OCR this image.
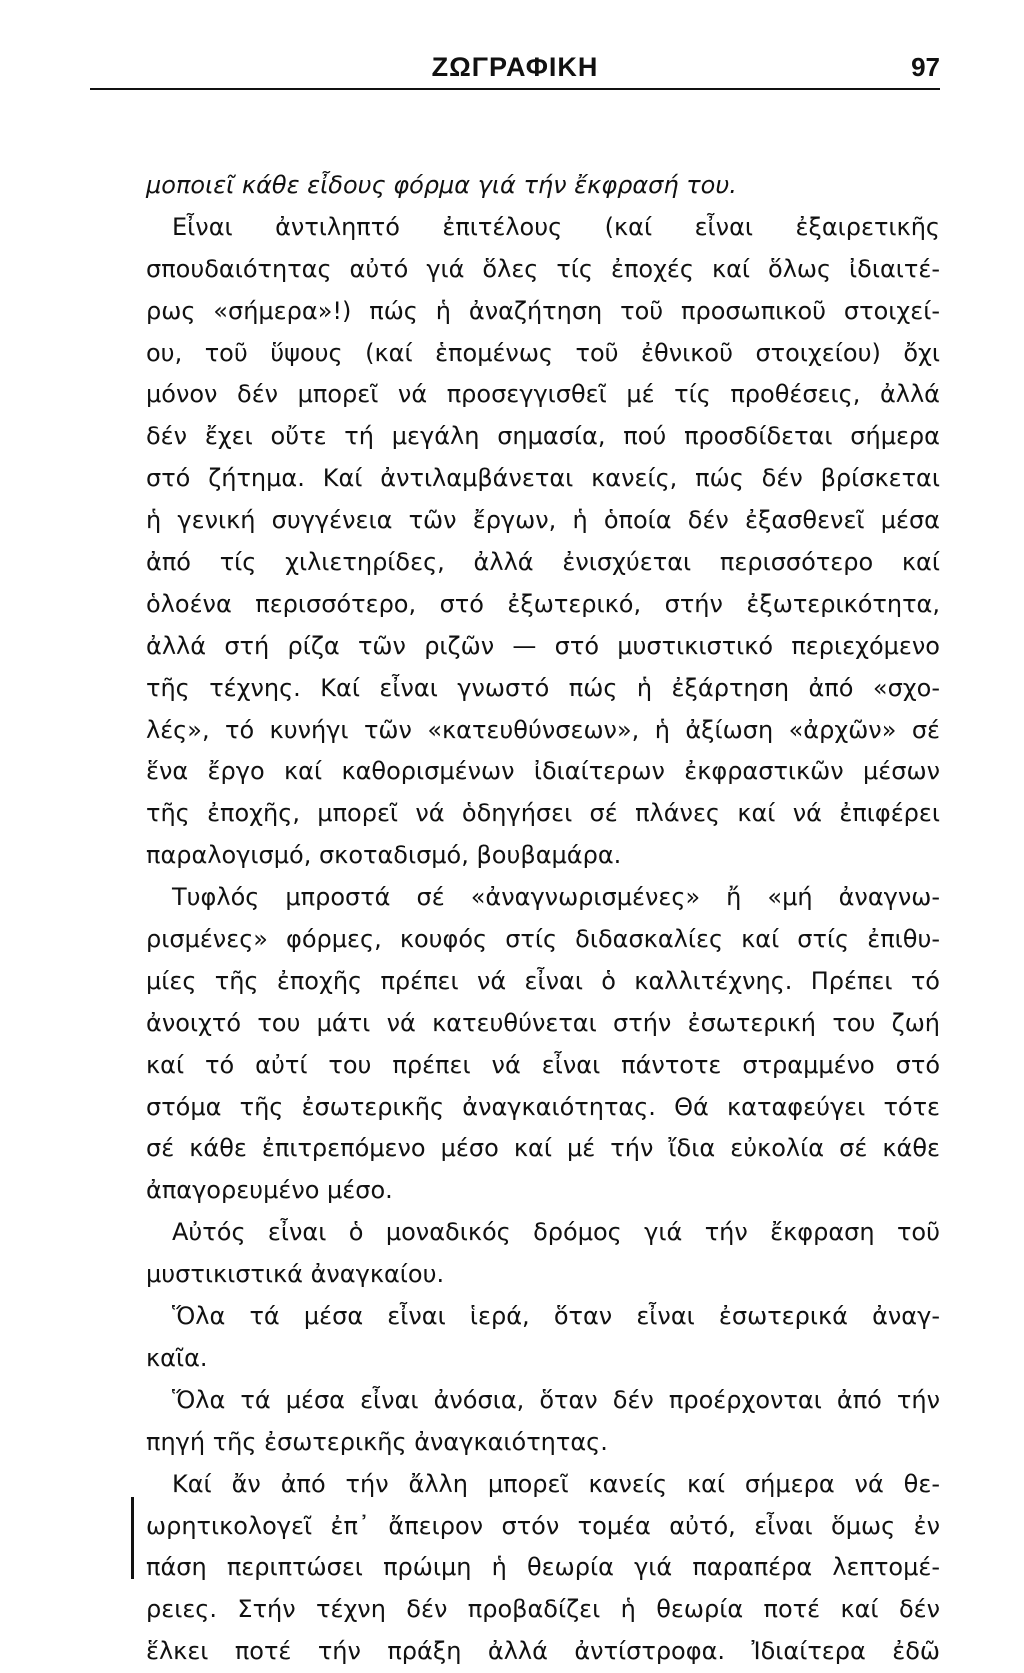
ΖΩΓΡΑΦΙΚΗ	97
μοποιεῖ κάθε εἶδους φόρμα γιά τήν ἔκφρασή του.
Εἶναι ἀντιληπτό ἐπιτέλους (καί εἶναι ἐξαιρετικῆς
σπουδαιότητας αὐτό γιά ὅλες τίς ἐποχές καί ὅλως ἰδιαιτέ-
ρως «σήμερα»!) πώς ἡ ἀναζήτηση τοῦ προσωπικοῦ στοιχεί-
ου, τοῦ ὕψους (καί ἑπομένως τοῦ ἐθνικοῦ στοιχείου) ὄχι
μόνον δέν μπορεῖ νά προσεγγισθεῖ μέ τίς προθέσεις, ἀλλά
δέν ἔχει οὔτε τή μεγάλη σημασία, πού προσδίδεται σήμερα
στό ζήτημα. Καί ἀντιλαμβάνεται κανείς, πώς δέν βρίσκεται
ἡ γενική συγγένεια τῶν ἔργων, ἡ ὁποία δέν ἐξασθενεῖ μέσα
ἀπό τίς χιλιετηρίδες, ἀλλά ἐνισχύεται περισσότερο καί
ὁλοένα περισσότερο, στό ἐξωτερικό, στήν ἐξωτερικότητα,
ἀλλά στή ρίζα τῶν ριζῶν — στό μυστικιστικό περιεχόμενο
τῆς τέχνης. Καί εἶναι γνωστό πώς ἡ ἐξάρτηση ἀπό «σχο-
λές», τό κυνήγι τῶν «κατευθύνσεων», ἡ ἀξίωση «ἀρχῶν» σέ
ἕνα ἔργο καί καθορισμένων ἰδιαίτερων ἐκφραστικῶν μέσων
τῆς ἐποχῆς, μπορεῖ νά ὁδηγήσει σέ πλάνες καί νά ἐπιφέρει
παραλογισμό, σκοταδισμό, βουβαμάρα.
Τυφλός μπροστά σέ «ἀναγνωρισμένες» ἤ «μή ἀναγνω-
ρισμένες» φόρμες, κουφός στίς διδασκαλίες καί στίς ἐπιθυ-
μίες τῆς ἐποχῆς πρέπει νά εἶναι ὁ καλλιτέχνης. Πρέπει τό
ἀνοιχτό του μάτι νά κατευθύνεται στήν ἐσωτερική του ζωή
καί τό αὐτί του πρέπει νά εἶναι πάντοτε στραμμένο στό
στόμα τῆς ἐσωτερικῆς ἀναγκαιότητας. Θά καταφεύγει τότε
σέ κάθε ἐπιτρεπόμενο μέσο καί μέ τήν ἴδια εὐκολία σέ κάθε
ἀπαγορευμένο μέσο.
Αὐτός εἶναι ὁ μοναδικός δρόμος γιά τήν ἔκφραση τοῦ
μυστικιστικά ἀναγκαίου.
Ὅλα τά μέσα εἶναι ἱερά, ὅταν εἶναι ἐσωτερικά ἀναγ-
καῖα.
Ὅλα τά μέσα εἶναι ἀνόσια, ὅταν δέν προέρχονται ἀπό τήν
πηγή τῆς ἐσωτερικῆς ἀναγκαιότητας.
Καί ἄν ἀπό τήν ἄλλη μπορεῖ κανείς καί σήμερα νά θε-
ωρητικολογεῖ ἐπ᾽ ἄπειρον στόν τομέα αὐτό, εἶναι ὅμως ἐν
πάση περιπτώσει πρώιμη ἡ θεωρία γιά παραπέρα λεπτομέ-
ρειες. Στήν τέχνη δέν προβαδίζει ἡ θεωρία ποτέ καί δέν
ἕλκει ποτέ τήν πράξη ἀλλά ἀντίστροφα. Ἰδιαίτερα ἐδῶ
